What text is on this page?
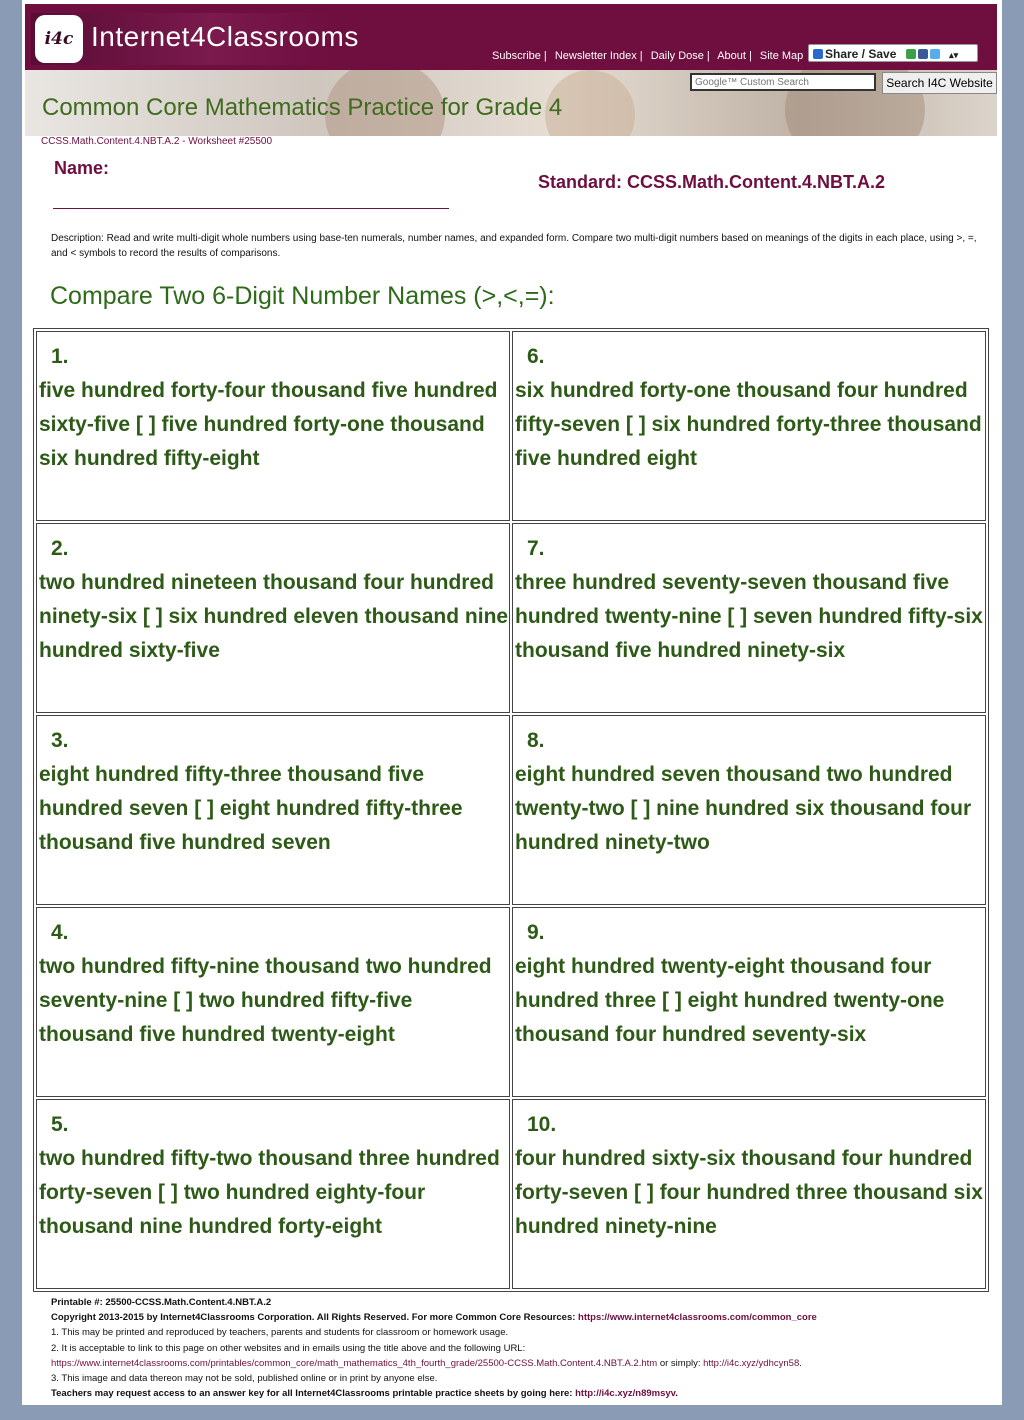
i4c Internet4Classrooms
Subscribe | Newsletter Index | Daily Dose | About | Site Map	Share / Save	▴▾
Common Core Mathematics Practice for Grade 4
Google™ Custom Search
Search I4C Website
CCSS.Math.Content.4.NBT.A.2 - Worksheet #25500
Name:
Standard: CCSS.Math.Content.4.NBT.A.2
Description: Read and write multi-digit whole numbers using base-ten numerals, number names, and expanded form. Compare two multi-digit numbers based on meanings of the digits in each place, using >, =, and < symbols to record the results of comparisons.
Compare Two 6-Digit Number Names (>,<,=):
1.
five hundred forty-four thousand five hundred sixty-five [ ] five hundred forty-one thousand six hundred fifty-eight
6.
six hundred forty-one thousand four hundred fifty-seven [ ] six hundred forty-three thousand five hundred eight
2.
two hundred nineteen thousand four hundred ninety-six [ ] six hundred eleven thousand nine hundred sixty-five
7.
three hundred seventy-seven thousand five hundred twenty-nine [ ] seven hundred fifty-six thousand five hundred ninety-six
3.
eight hundred fifty-three thousand five hundred seven [ ] eight hundred fifty-three thousand five hundred seven
8.
eight hundred seven thousand two hundred twenty-two [ ] nine hundred six thousand four hundred ninety-two
4.
two hundred fifty-nine thousand two hundred seventy-nine [ ] two hundred fifty-five thousand five hundred twenty-eight
9.
eight hundred twenty-eight thousand four hundred three [ ] eight hundred twenty-one thousand four hundred seventy-six
5.
two hundred fifty-two thousand three hundred forty-seven [ ] two hundred eighty-four thousand nine hundred forty-eight
10.
four hundred sixty-six thousand four hundred forty-seven [ ] four hundred three thousand six hundred ninety-nine
Printable #: 25500-CCSS.Math.Content.4.NBT.A.2
Copyright 2013-2015 by Internet4Classrooms Corporation. All Rights Reserved. For more Common Core Resources: https://www.internet4classrooms.com/common_core
1. This may be printed and reproduced by teachers, parents and students for classroom or homework usage.
2. It is acceptable to link to this page on other websites and in emails using the title above and the following URL:
https://www.internet4classrooms.com/printables/common_core/math_mathematics_4th_fourth_grade/25500-CCSS.Math.Content.4.NBT.A.2.htm or simply: http://i4c.xyz/ydhcyn58.
3. This image and data thereon may not be sold, published online or in print by anyone else.
Teachers may request access to an answer key for all Internet4Classrooms printable practice sheets by going here: http://i4c.xyz/n89msyv.
